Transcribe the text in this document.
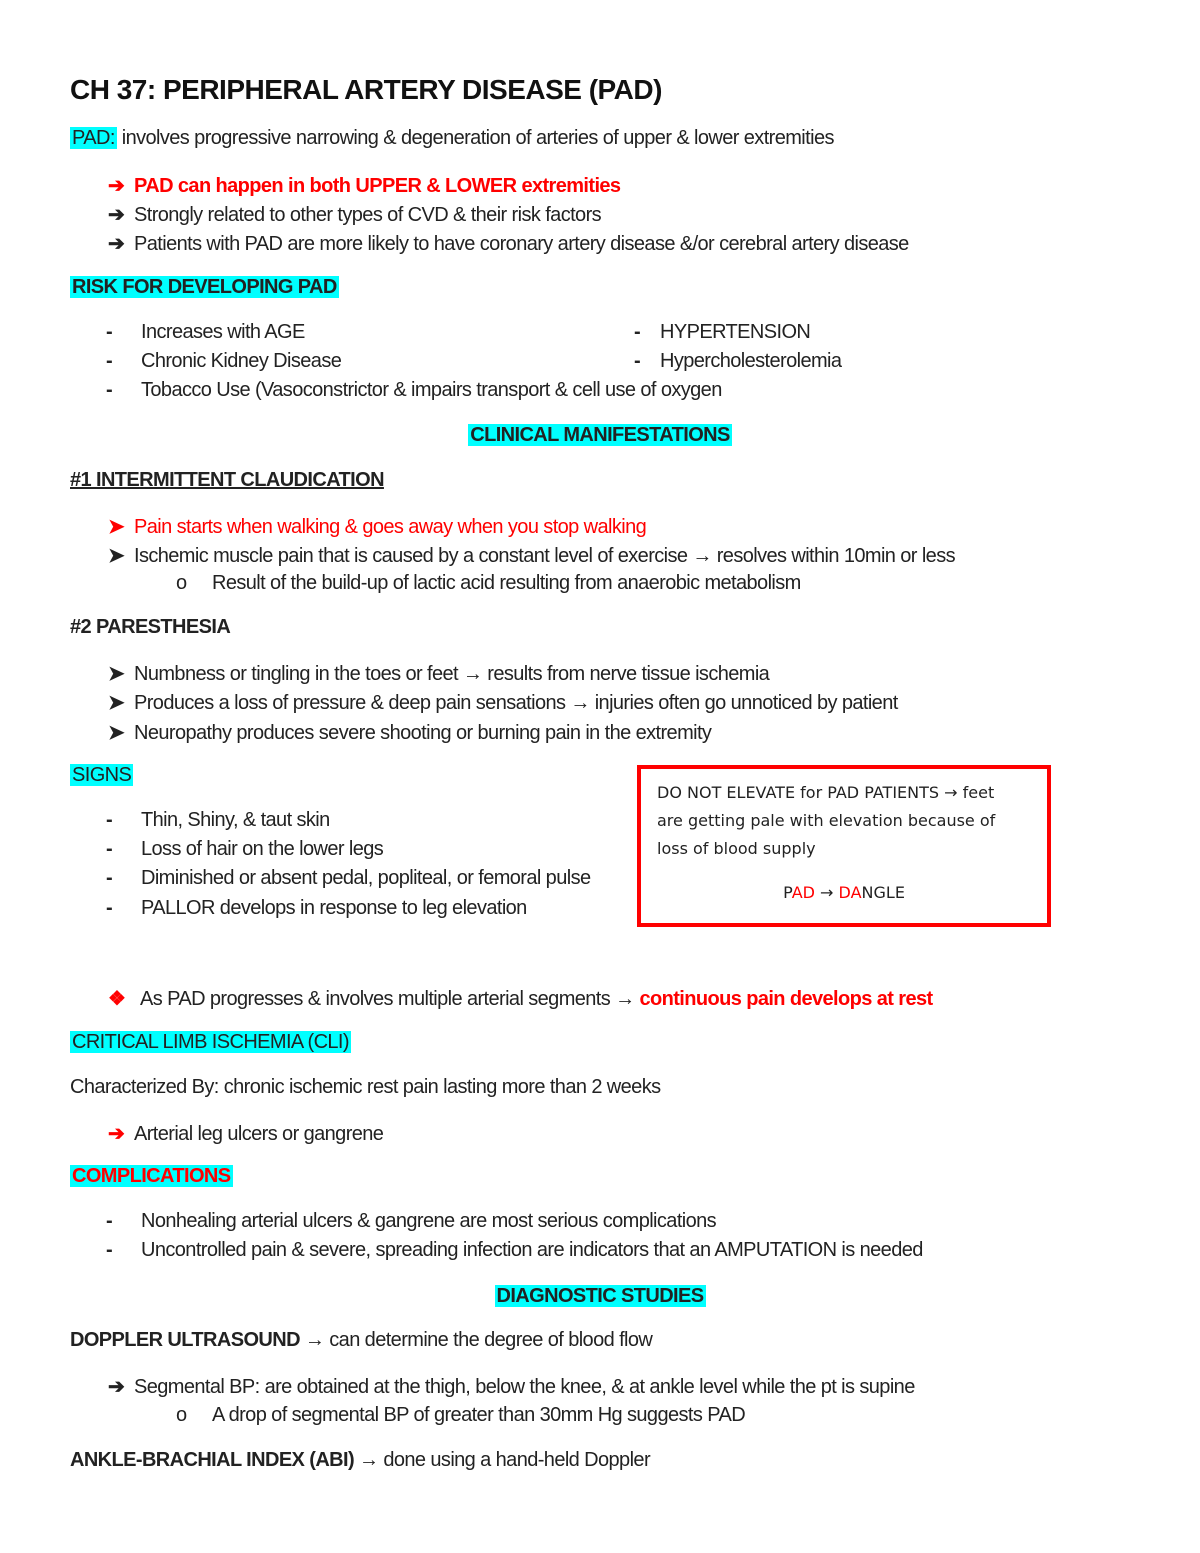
CH 37: PERIPHERAL ARTERY DISEASE (PAD)
PAD: involves progressive narrowing & degeneration of arteries of upper & lower extremities
➔ PAD can happen in both UPPER & LOWER extremities
➔ Strongly related to other types of CVD & their risk factors
➔ Patients with PAD are more likely to have coronary artery disease &/or cerebral artery disease
RISK FOR DEVELOPING PAD
- Increases with AGE
- Chronic Kidney Disease
- Tobacco Use (Vasoconstrictor & impairs transport & cell use of oxygen
- HYPERTENSION
- Hypercholesterolemia
CLINICAL MANIFESTATIONS
#1 INTERMITTENT CLAUDICATION
➤ Pain starts when walking & goes away when you stop walking
➤ Ischemic muscle pain that is caused by a constant level of exercise → resolves within 10min or less
o Result of the build-up of lactic acid resulting from anaerobic metabolism
#2 PARESTHESIA
➤ Numbness or tingling in the toes or feet → results from nerve tissue ischemia
➤ Produces a loss of pressure & deep pain sensations → injuries often go unnoticed by patient
➤ Neuropathy produces severe shooting or burning pain in the extremity
SIGNS
- Thin, Shiny, & taut skin
- Loss of hair on the lower legs
- Diminished or absent pedal, popliteal, or femoral pulse
- PALLOR develops in response to leg elevation

DO NOT ELEVATE for PAD PATIENTS → feet

are getting pale with elevation because of

loss of blood supply

PAD → DANGLE

❖ As PAD progresses & involves multiple arterial segments → continuous pain develops at rest
CRITICAL LIMB ISCHEMIA (CLI)
Characterized By: chronic ischemic rest pain lasting more than 2 weeks
➔ Arterial leg ulcers or gangrene
COMPLICATIONS
- Nonhealing arterial ulcers & gangrene are most serious complications
- Uncontrolled pain & severe, spreading infection are indicators that an AMPUTATION is needed
DIAGNOSTIC STUDIES
DOPPLER ULTRASOUND → can determine the degree of blood flow
➔ Segmental BP: are obtained at the thigh, below the knee, & at ankle level while the pt is supine
o A drop of segmental BP of greater than 30mm Hg suggests PAD
ANKLE-BRACHIAL INDEX (ABI) → done using a hand-held Doppler
